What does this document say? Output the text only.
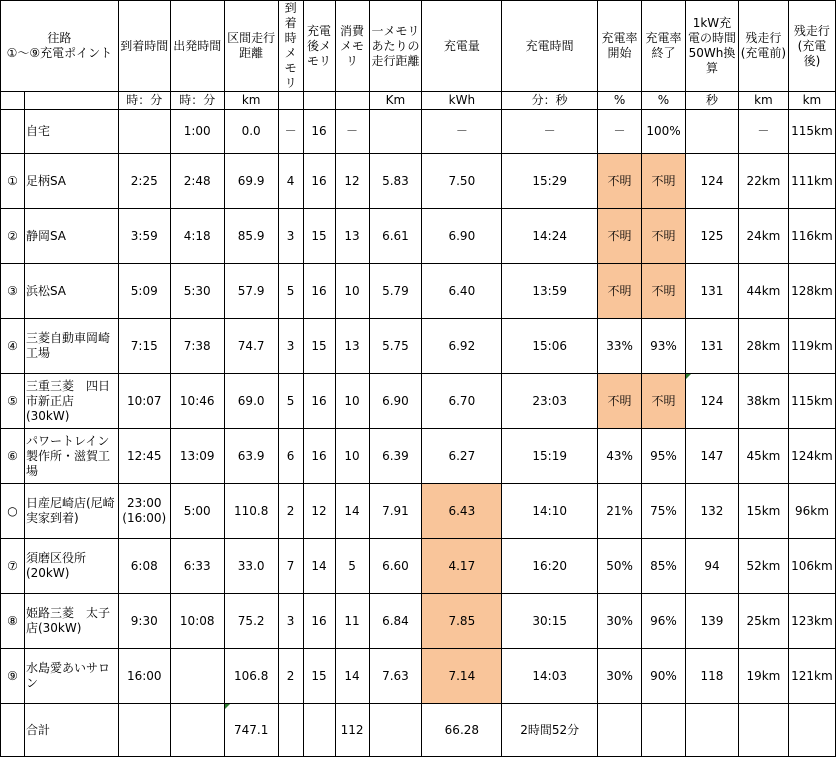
往路
①～⑨充電ポイント		到着時間	出発時間	区間走行距離	到着時メモリ	充電後メモリ	消費メモリ	一メモリあたりの走行距離	充電量	充電時間	充電率開始	充電率終了	1kW充電の時間50Wh換算	残走行(充電前)	残走行(充電後)
		時：分	時：分	km				Km	kWh	分：秒	%	%	秒	km	km
	自宅		1:00	0.0	－	16	－		－	－	－	100%		－	115km
①	足柄SA	2:25	2:48	69.9	4	16	12	5.83	7.50	15:29	不明	不明	124	22km	111km
②	静岡SA	3:59	4:18	85.9	3	15	13	6.61	6.90	14:24	不明	不明	125	24km	116km
③	浜松SA	5:09	5:30	57.9	5	16	10	5.79	6.40	13:59	不明	不明	131	44km	128km
④	三菱自動車岡崎工場	7:15	7:38	74.7	3	15	13	5.75	6.92	15:06	33%	93%	131	28km	119km
⑤	三重三菱　四日市新正店(30kW)	10:07	10:46	69.0	5	16	10	6.90	6.70	23:03	不明	不明	124	38km	115km
⑥	パワートレイン製作所・滋賀工場	12:45	13:09	63.9	6	16	10	6.39	6.27	15:19	43%	95%	147	45km	124km
○	日産尼崎店(尼崎実家到着)	23:00 (16:00)	5:00	110.8	2	12	14	7.91	6.43	14:10	21%	75%	132	15km	96km
⑦	須磨区役所(20kW)	6:08	6:33	33.0	7	14	5	6.60	4.17	16:20	50%	85%	94	52km	106km
⑧	姫路三菱　太子店(30kW)	9:30	10:08	75.2	3	16	11	6.84	7.85	30:15	30%	96%	139	25km	123km
⑨	水島愛あいサロン	16:00		106.8	2	15	14	7.63	7.14	14:03	30%	90%	118	19km	121km
	合計			747.1			112		66.28	2時間52分					
